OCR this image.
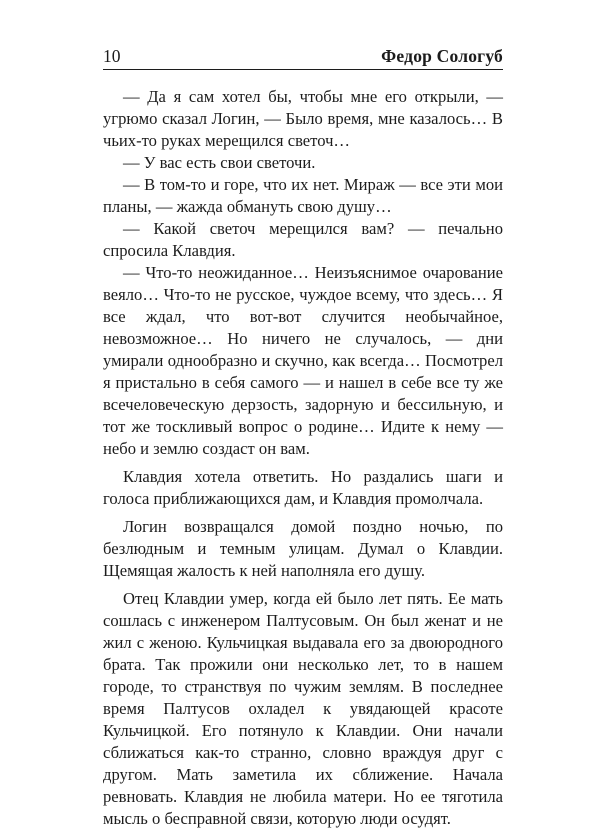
10	Федор Сологуб

— Да я сам хотел бы, чтобы мне его открыли, — угрюмо сказал Логин, — Было время, мне казалось… В чьих-то руках мерещился светоч…

— У вас есть свои светочи.

— В том-то и горе, что их нет. Мираж — все эти мои планы, — жажда обмануть свою душу…

— Какой светоч мерещился вам? — печально спросила Клавдия.

— Что-то неожиданное… Неизъяснимое очарование веяло… Что-то не русское, чуждое всему, что здесь… Я все ждал, что вот-вот случится необычайное, невозможное… Но ничего не случалось, — дни умирали однообразно и скучно, как всегда… Посмотрел я пристально в себя самого — и нашел в себе все ту же всечеловеческую дерзость, задорную и бессильную, и тот же тоскливый вопрос о родине… Идите к нему — небо и землю создаст он вам.

Клавдия хотела ответить. Но раздались шаги и голоса приближающихся дам, и Клавдия промолчала.

Логин возвращался домой поздно ночью, по безлюдным и темным улицам. Думал о Клавдии. Щемящая жалость к ней наполняла его душу.

Отец Клавдии умер, когда ей было лет пять. Ее мать сошлась с инженером Палтусовым. Он был женат и не жил с женою. Кульчицкая выдавала его за двоюродного брата. Так прожили они несколько лет, то в нашем городе, то странствуя по чужим землям. В последнее время Палтусов охладел к увядающей красоте Кульчицкой. Его потянуло к Клавдии. Они начали сближаться как-то странно, словно враждуя друг с другом. Мать заметила их сближение. Начала ревновать. Клавдия не любила матери. Но ее тяготила мысль о бесправной связи, которую люди осудят.
